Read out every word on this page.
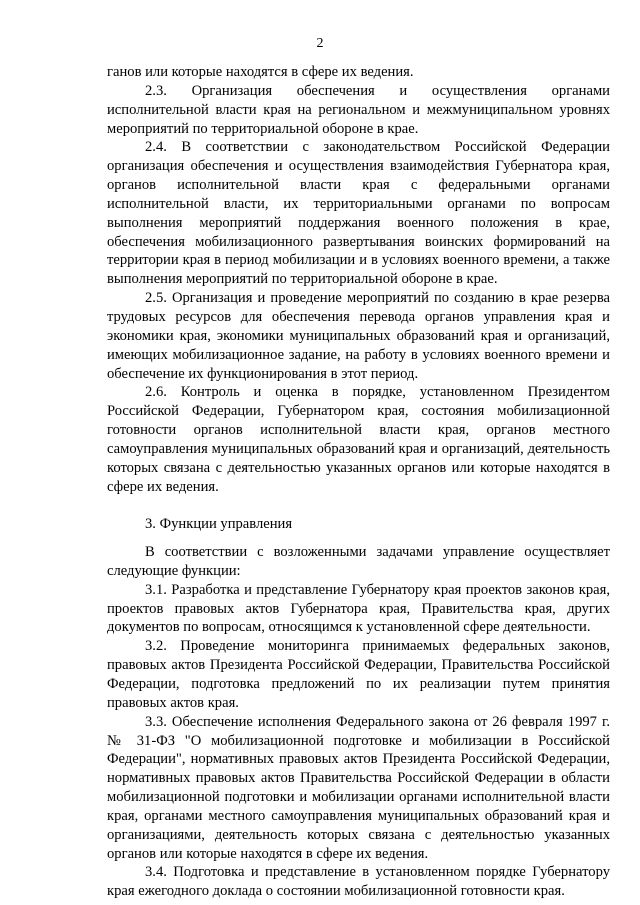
2

ганов или которые находятся в сфере их ведения.

2.3. Организация обеспечения и осуществления органами исполнительной власти края на региональном и межмуниципальном уровнях мероприятий по территориальной обороне в крае.

2.4. В соответствии с законодательством Российской Федерации организация обеспечения и осуществления взаимодействия Губернатора края, органов исполнительной власти края с федеральными органами исполнительной власти, их территориальными органами по вопросам выполнения мероприятий поддержания военного положения в крае, обеспечения мобилизационного развертывания воинских формирований на территории края в период мобилизации и в условиях военного времени, а также выполнения мероприятий по территориальной обороне в крае.

2.5. Организация и проведение мероприятий по созданию в крае резерва трудовых ресурсов для обеспечения перевода органов управления края и экономики края, экономики муниципальных образований края и организаций, имеющих мобилизационное задание, на работу в условиях военного времени и обеспечение их функционирования в этот период.

2.6. Контроль и оценка в порядке, установленном Президентом Российской Федерации, Губернатором края, состояния мобилизационной готовности органов исполнительной власти края, органов местного самоуправления муниципальных образований края и организаций, деятельность которых связана с деятельностью указанных органов или которые находятся в сфере их ведения.

3. Функции управления

В соответствии с возложенными задачами управление осуществляет следующие функции:

3.1. Разработка и представление Губернатору края проектов законов края, проектов правовых актов Губернатора края, Правительства края, других документов по вопросам, относящимся к установленной сфере деятельности.

3.2. Проведение мониторинга принимаемых федеральных законов, правовых актов Президента Российской Федерации, Правительства Российской Федерации, подготовка предложений по их реализации путем принятия правовых актов края.

3.3. Обеспечение исполнения Федерального закона от 26 февраля 1997 г. № 31-ФЗ "О мобилизационной подготовке и мобилизации в Российской Федерации", нормативных правовых актов Президента Российской Федерации, нормативных правовых актов Правительства Российской Федерации в области мобилизационной подготовки и мобилизации органами исполнительной власти края, органами местного самоуправления муниципальных образований края и организациями, деятельность которых связана с деятельностью указанных органов или которые находятся в сфере их ведения.

3.4. Подготовка и представление в установленном порядке Губернатору края ежегодного доклада о состоянии мобилизационной готовности края.
